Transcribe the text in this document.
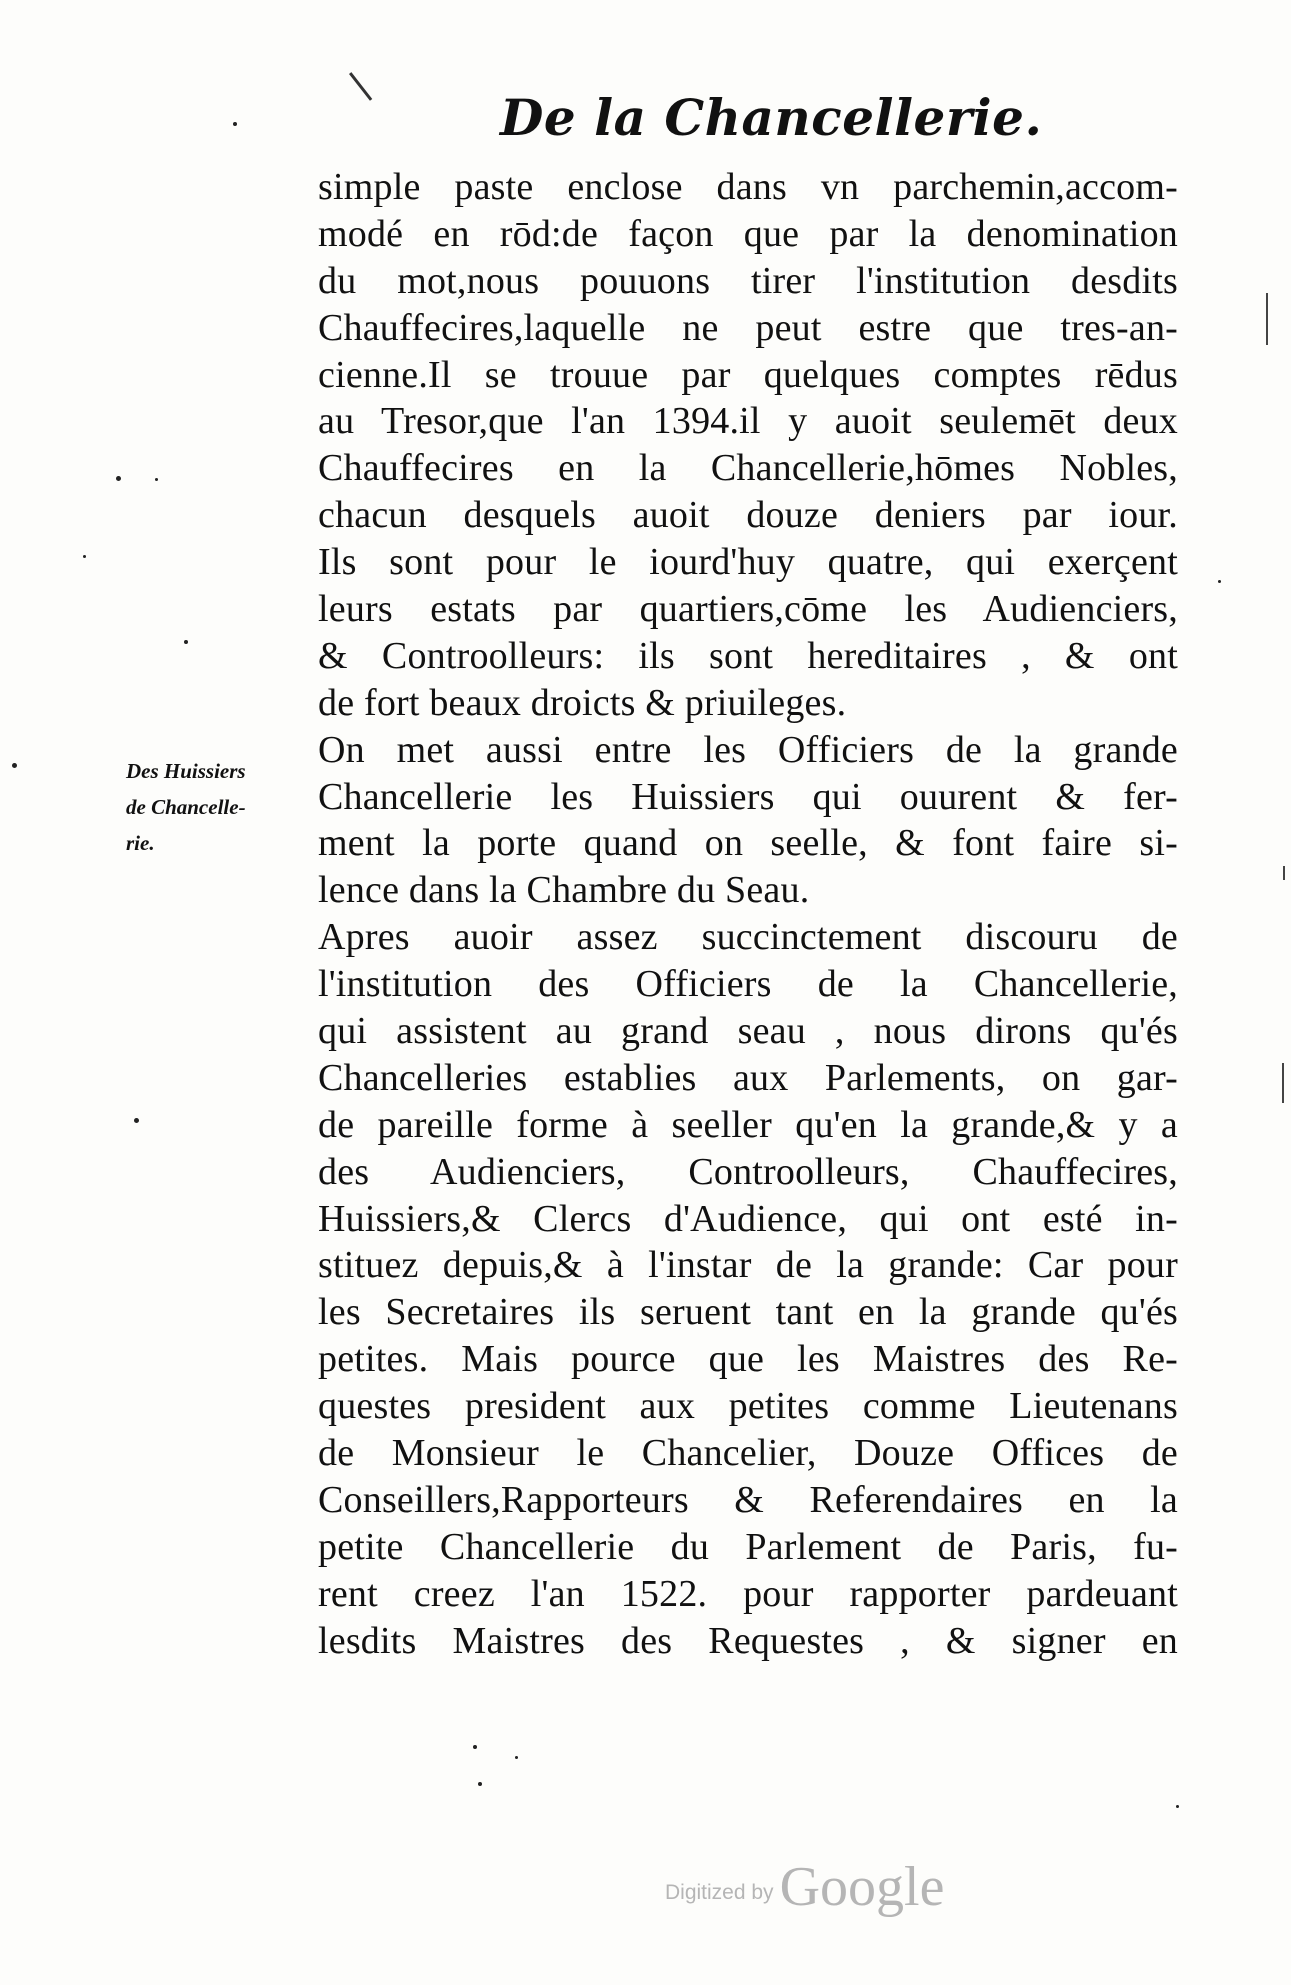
De la Chancellerie.
Des Huissiers
de Chancelle-
rie.
simple paste enclose dans vn parchemin,accom-
modé en rōd:de façon que par la denomination
du mot,nous pouuons tirer l'institution desdits
Chauffecires,laquelle ne peut estre que tres-an-
cienne.Il se trouue par quelques comptes rēdus
au Tresor,que l'an 1394.il y auoit seulemēt deux
Chauffecires en la Chancellerie,hōmes Nobles,
chacun desquels auoit douze deniers par iour.
Ils sont pour le iourd'huy quatre, qui exerçent
leurs estats par quartiers,cōme les Audienciers,
& Controolleurs: ils sont hereditaires , & ont
de fort beaux droicts & priuileges.
On met aussi entre les Officiers de la grande
Chancellerie les Huissiers qui ouurent & fer-
ment la porte quand on seelle, & font faire si-
lence dans la Chambre du Seau.
Apres auoir assez succinctement discouru de
l'institution des Officiers de la Chancellerie,
qui assistent au grand seau , nous dirons qu'és
Chancelleries establies aux Parlements, on gar-
de pareille forme à seeller qu'en la grande,& y a
des Audienciers, Controolleurs, Chauffecires,
Huissiers,& Clercs d'Audience, qui ont esté in-
stituez depuis,& à l'instar de la grande: Car pour
les Secretaires ils seruent tant en la grande qu'és
petites. Mais pource que les Maistres des Re-
questes president aux petites comme Lieutenans
de Monsieur le Chancelier, Douze Offices de
Conseillers,Rapporteurs & Referendaires en la
petite Chancellerie du Parlement de Paris, fu-
rent creez l'an 1522. pour rapporter pardeuant
lesdits Maistres des Requestes , & signer en
Digitized by Google
